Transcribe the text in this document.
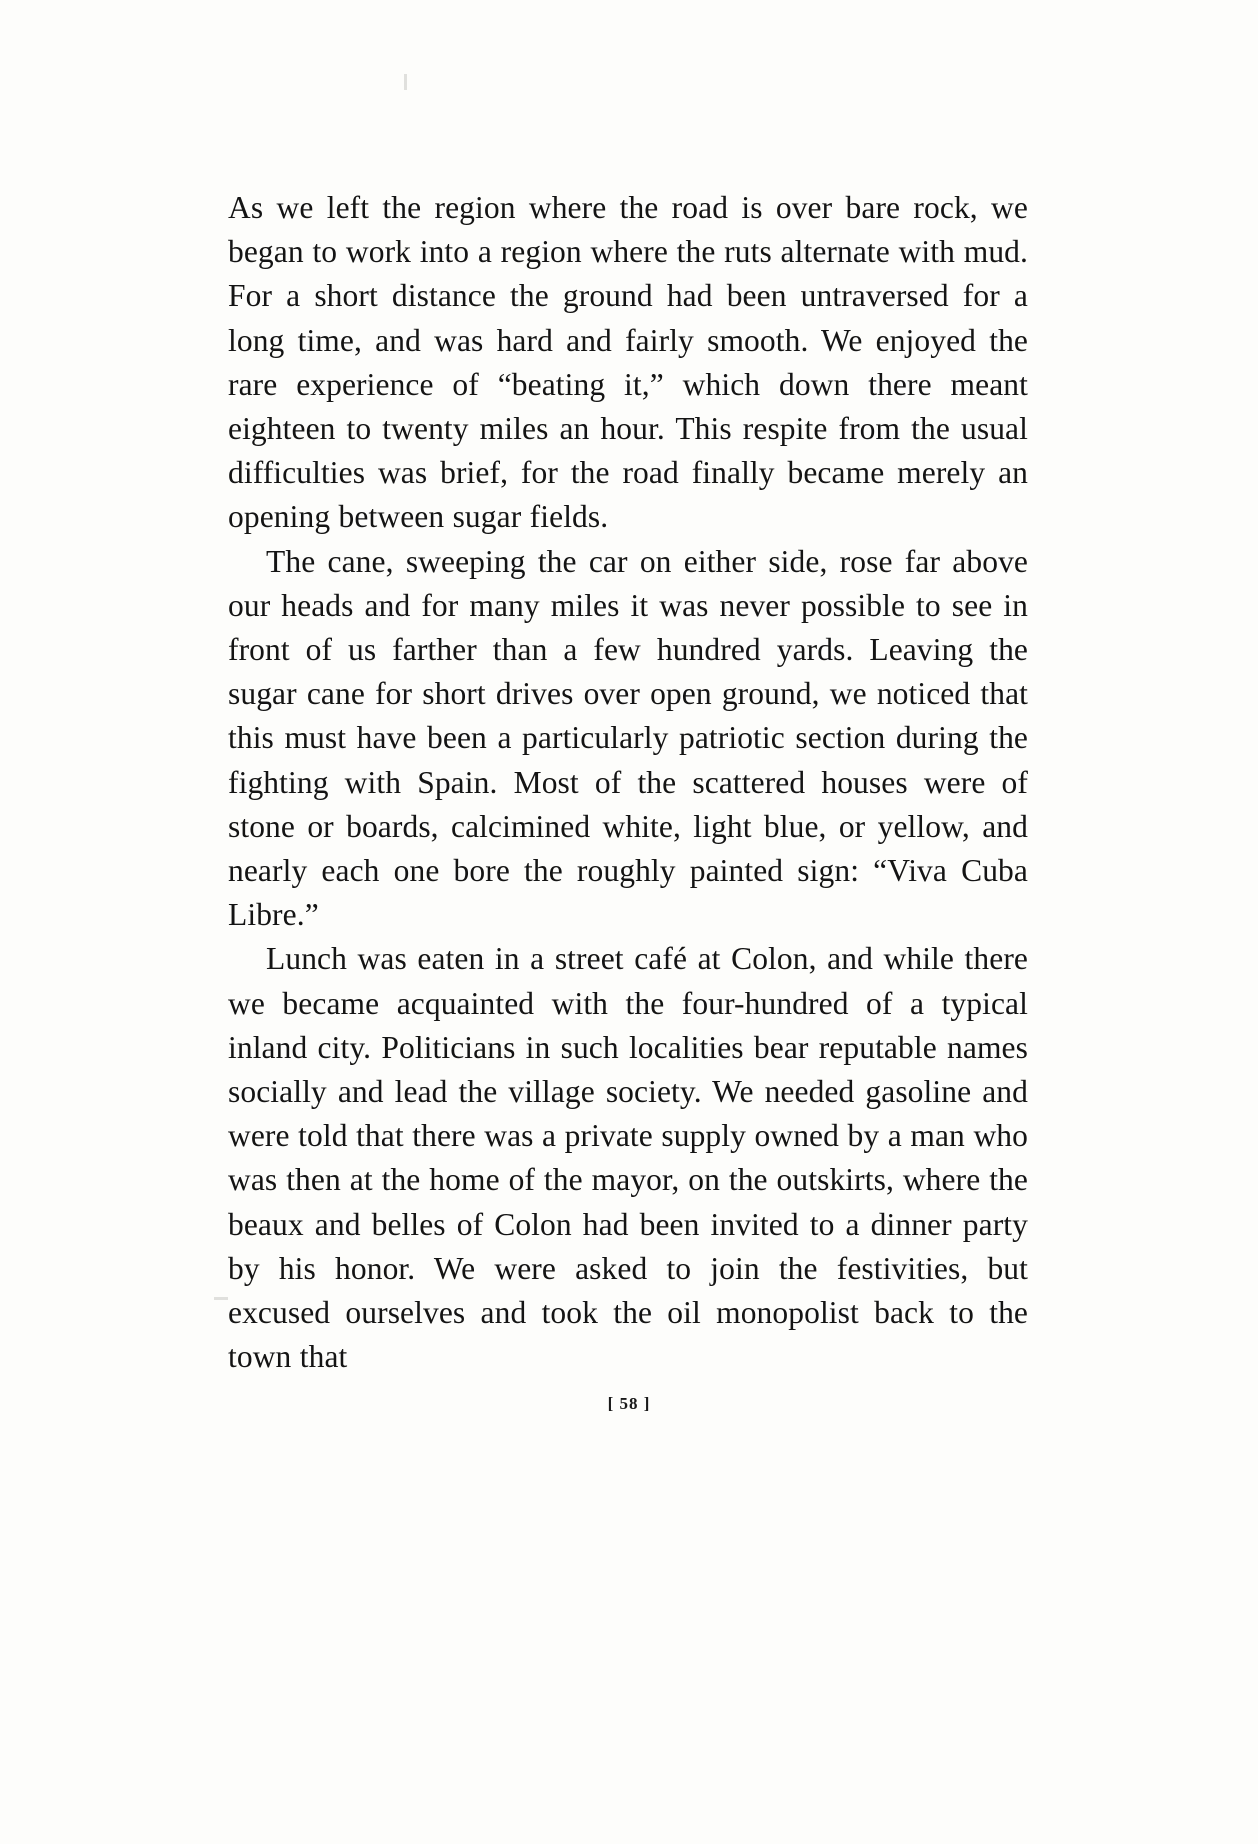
As we left the region where the road is over bare rock, we began to work into a region where the ruts alternate with mud. For a short distance the ground had been untraversed for a long time, and was hard and fairly smooth. We enjoyed the rare experience of “beating it,” which down there meant eighteen to twenty miles an hour. This respite from the usual difficulties was brief, for the road finally became merely an opening between sugar fields.

The cane, sweeping the car on either side, rose far above our heads and for many miles it was never possible to see in front of us farther than a few hundred yards. Leaving the sugar cane for short drives over open ground, we noticed that this must have been a particularly patriotic section during the fighting with Spain. Most of the scattered houses were of stone or boards, calcimined white, light blue, or yellow, and nearly each one bore the roughly painted sign: “Viva Cuba Libre.”

Lunch was eaten in a street café at Colon, and while there we became acquainted with the four-hundred of a typical inland city. Politicians in such localities bear reputable names socially and lead the village society. We needed gasoline and were told that there was a private supply owned by a man who was then at the home of the mayor, on the outskirts, where the beaux and belles of Colon had been invited to a dinner party by his honor. We were asked to join the festivities, but excused ourselves and took the oil monopolist back to the town that

[ 58 ]
